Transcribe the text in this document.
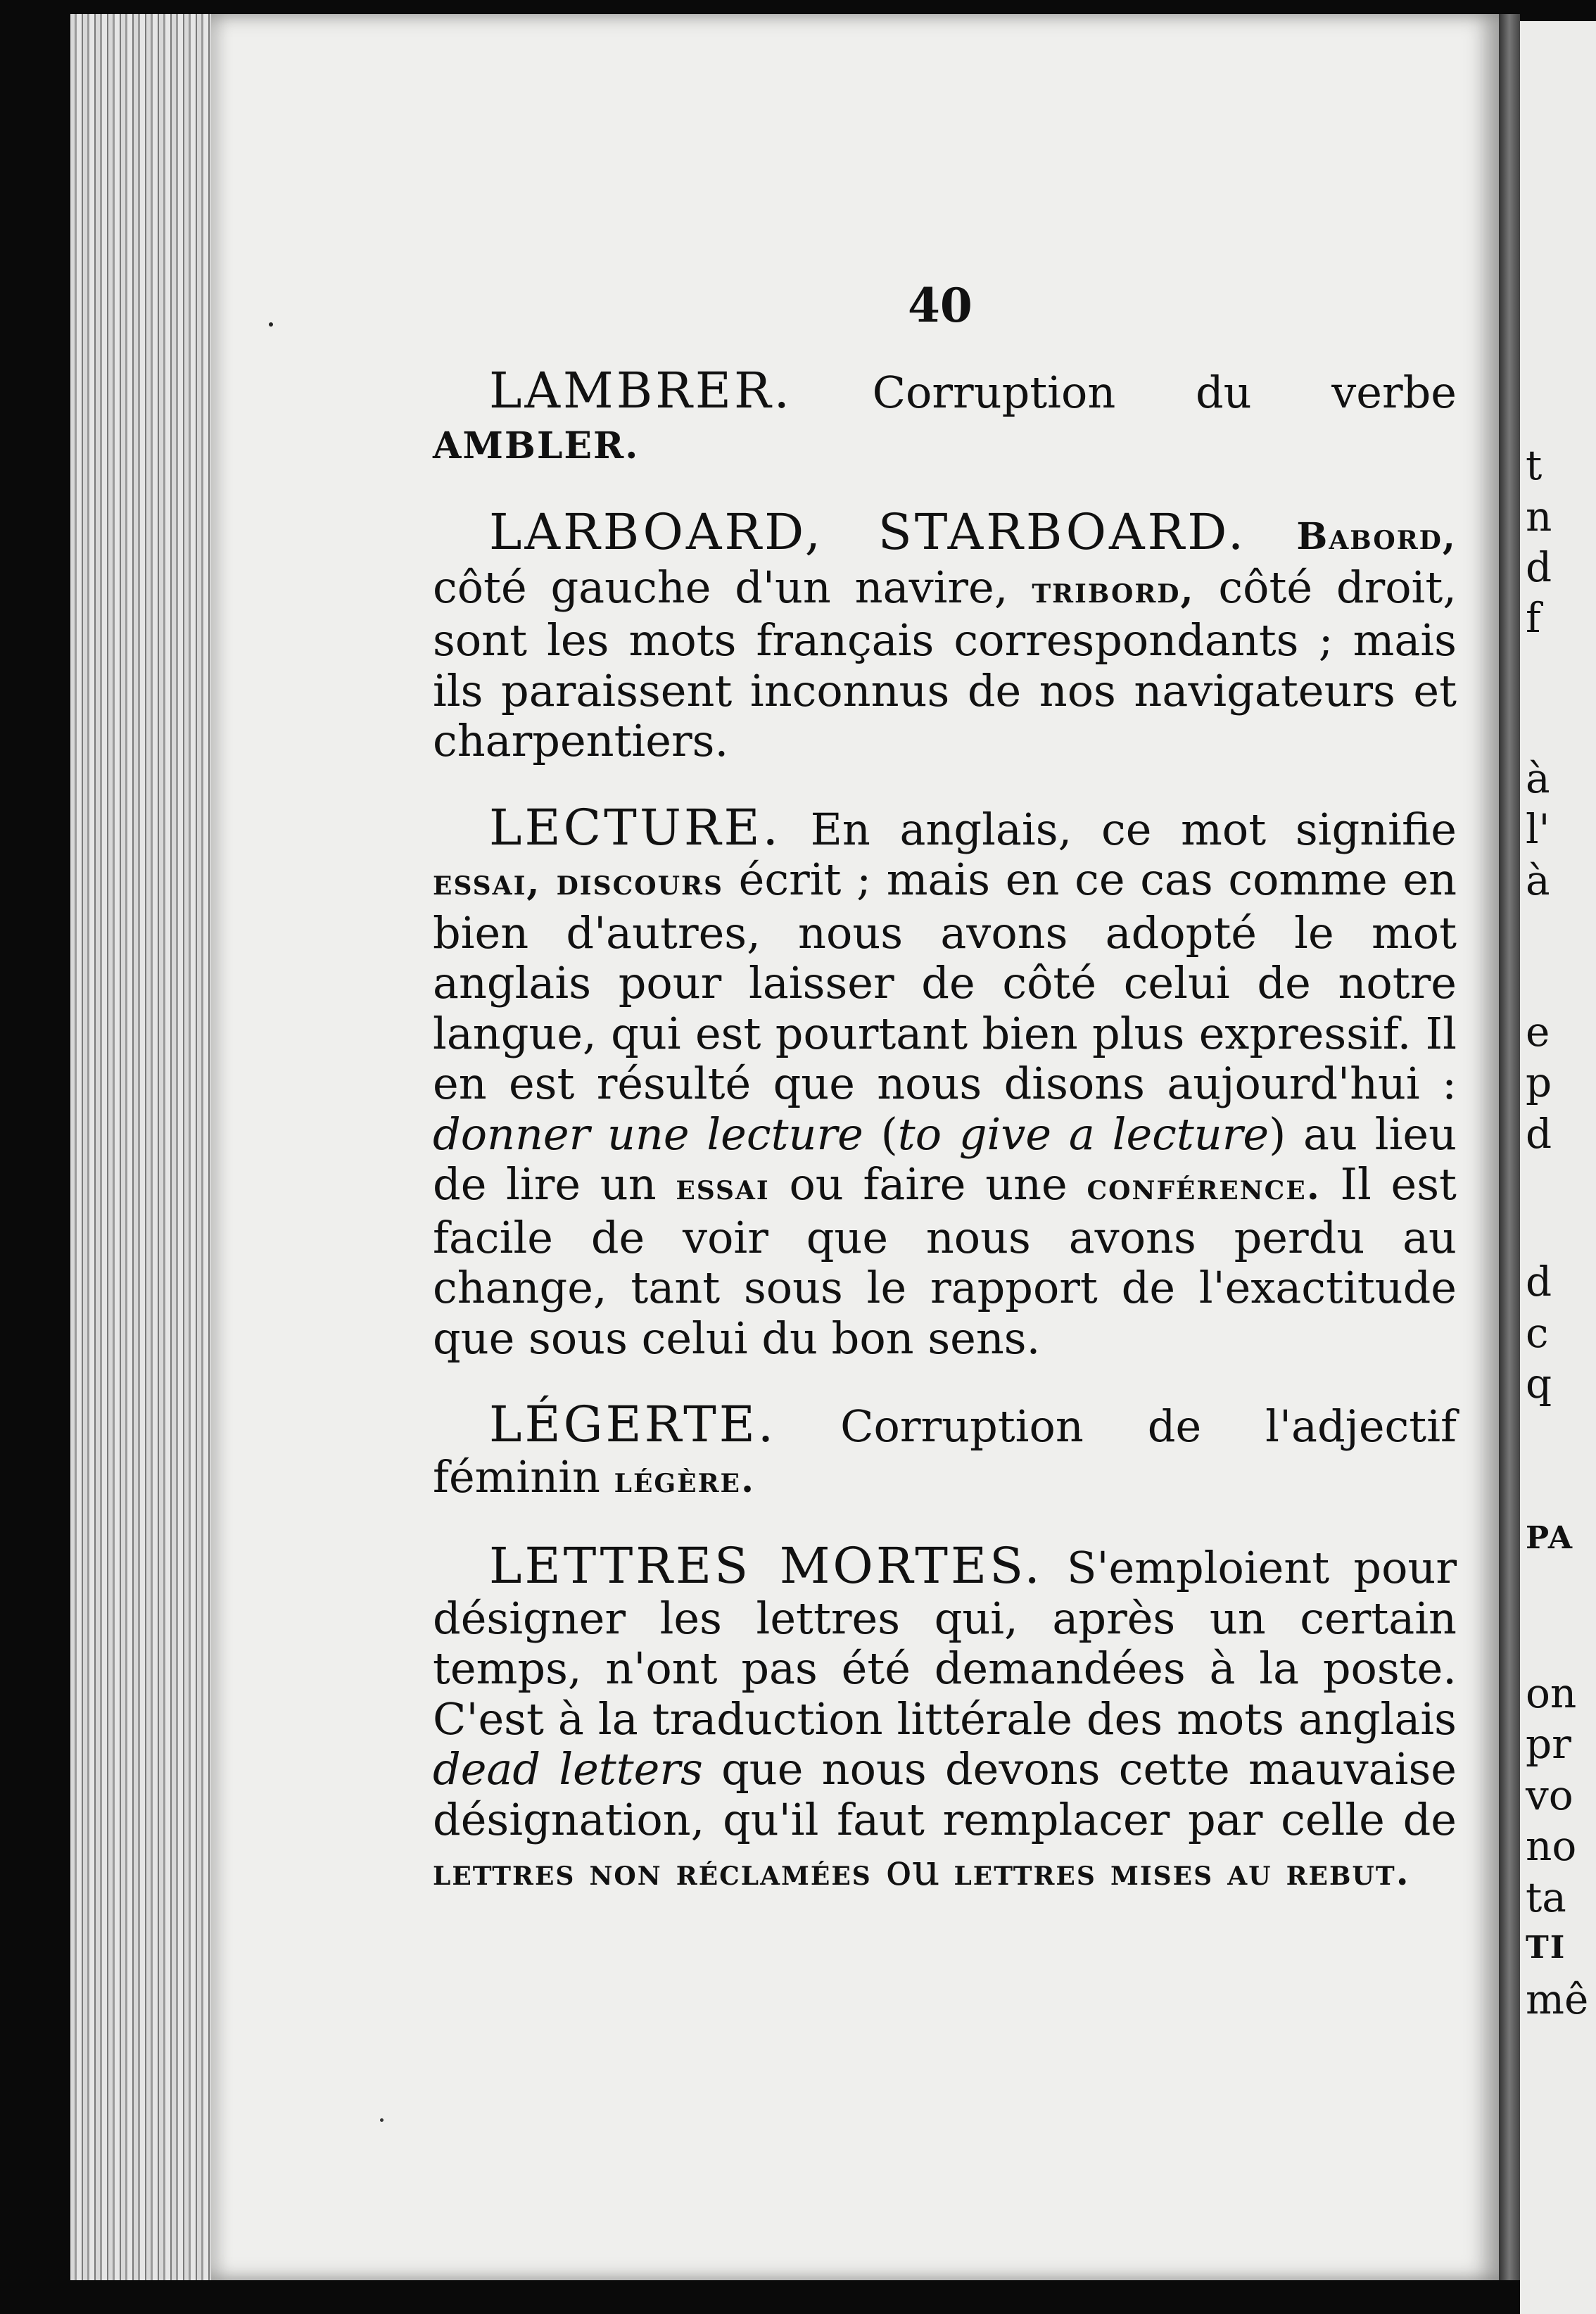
t
n
d
f
à
l'
à
e
p
d
d
c
q
PA
on
pr
vo
no
ta
TI
mê
40

LAMBRER. Corruption du verbe AMBLER.

LARBOARD, STARBOARD. Babord, côté gauche d'un navire, tribord, côté droit, sont les mots français correspondants ; mais ils paraissent inconnus de nos navigateurs et charpentiers.

LECTURE. En anglais, ce mot signifie essai, discours écrit ; mais en ce cas comme en bien d'autres, nous avons adopté le mot anglais pour laisser de côté celui de notre langue, qui est pourtant bien plus expressif. Il en est résulté que nous disons aujourd'hui : donner une lecture (to give a lecture) au lieu de lire un essai ou faire une conférence. Il est facile de voir que nous avons perdu au change, tant sous le rapport de l'exactitude que sous celui du bon sens.

LÉGERTE. Corruption de l'adjectif féminin légère.

LETTRES MORTES. S'emploient pour désigner les lettres qui, après un certain temps, n'ont pas été demandées à la poste. C'est à la traduction littérale des mots anglais dead letters que nous devons cette mauvaise désignation, qu'il faut remplacer par celle de lettres non réclamées ou lettres mises au rebut.
